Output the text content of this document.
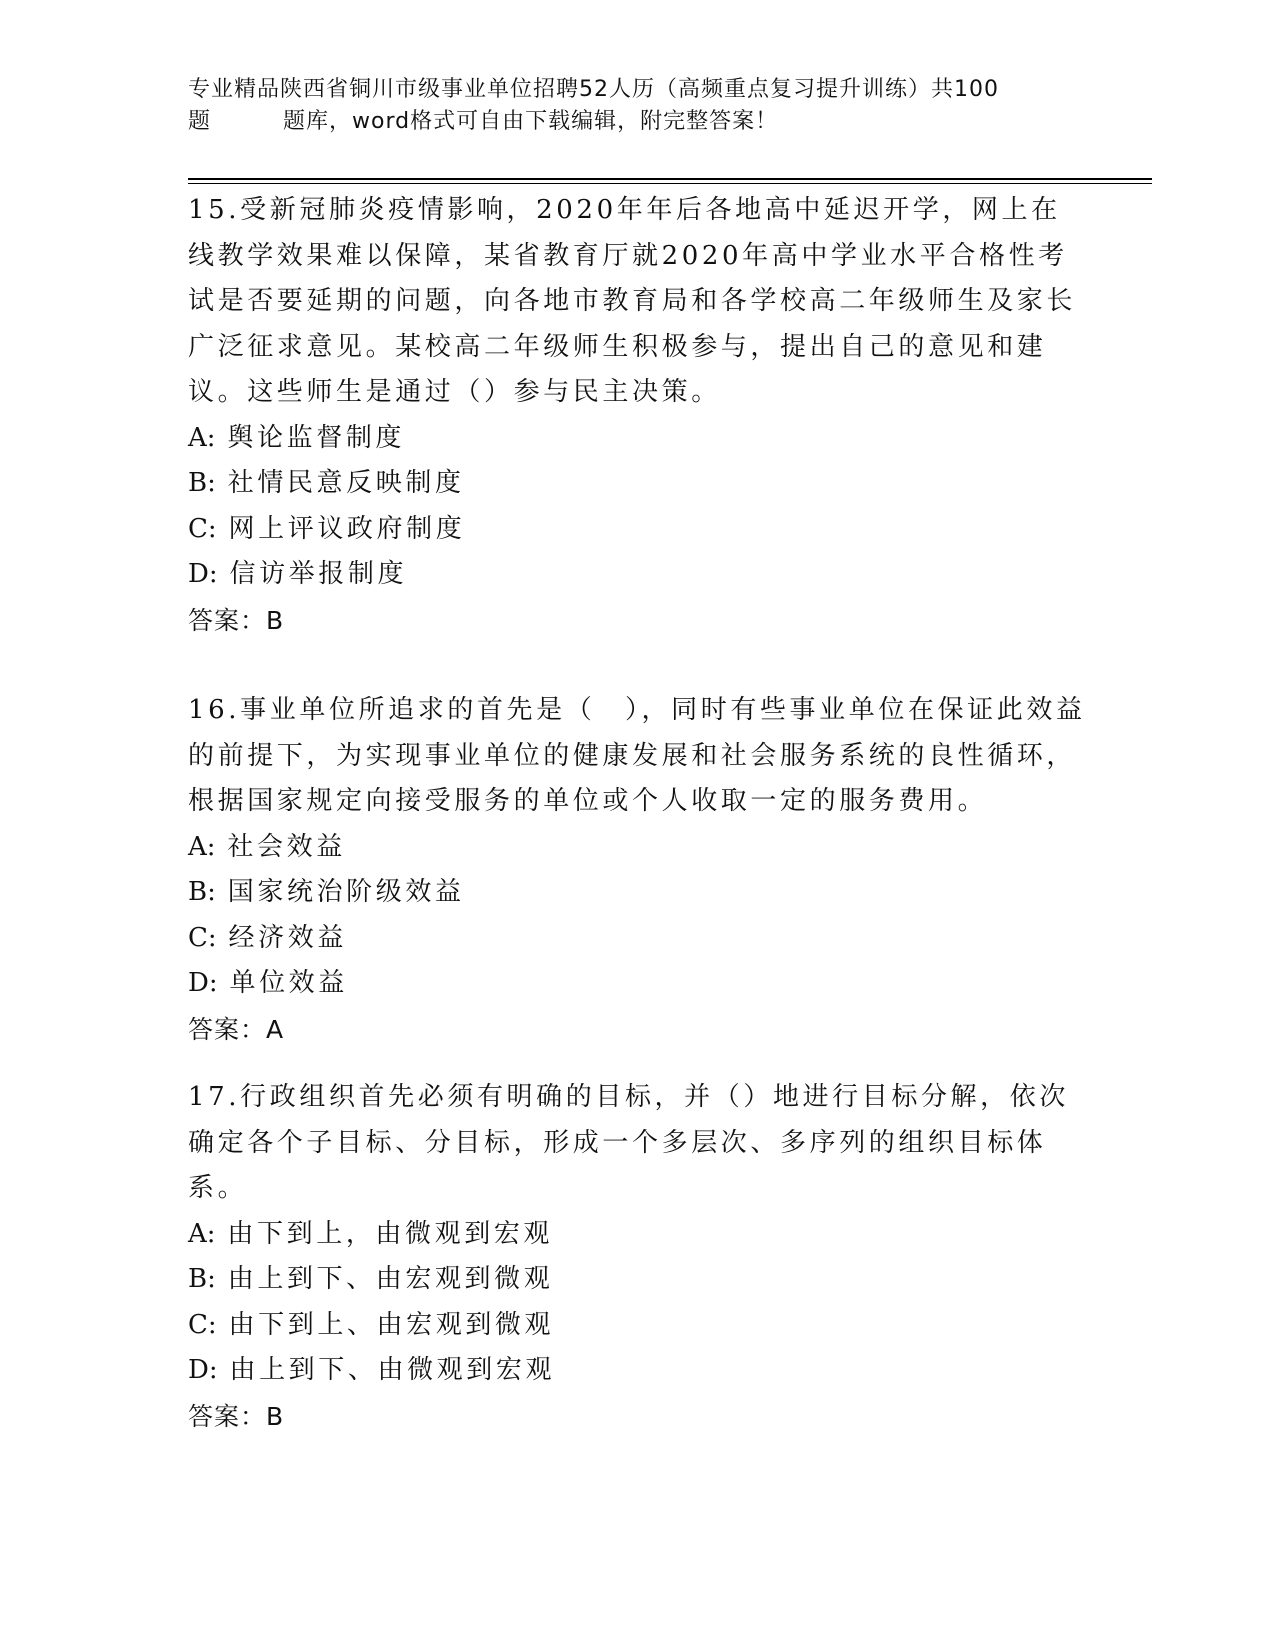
专业精品陕西省铜川市级事业单位招聘52人历（高频重点复习提升训练）共100
题	题库，word格式可自由下载编辑，附完整答案！

15.受新冠肺炎疫情影响，2020年年后各地高中延迟开学，网上在线教学效果难以保障，某省教育厅就2020年高中学业水平合格性考试是否要延期的问题，向各地市教育局和各学校高二年级师生及家长广泛征求意见。某校高二年级师生积极参与，提出自己的意见和建议。这些师生是通过（）参与民主决策。

A: 舆论监督制度
B: 社情民意反映制度
C: 网上评议政府制度
D: 信访举报制度
答案：B

16.事业单位所追求的首先是（　），同时有些事业单位在保证此效益的前提下，为实现事业单位的健康发展和社会服务系统的良性循环，根据国家规定向接受服务的单位或个人收取一定的服务费用。

A: 社会效益
B: 国家统治阶级效益
C: 经济效益
D: 单位效益
答案：A

17.行政组织首先必须有明确的目标，并（）地进行目标分解，依次确定各个子目标、分目标，形成一个多层次、多序列的组织目标体系。

A: 由下到上，由微观到宏观
B: 由上到下、由宏观到微观
C: 由下到上、由宏观到微观
D: 由上到下、由微观到宏观
答案：B
